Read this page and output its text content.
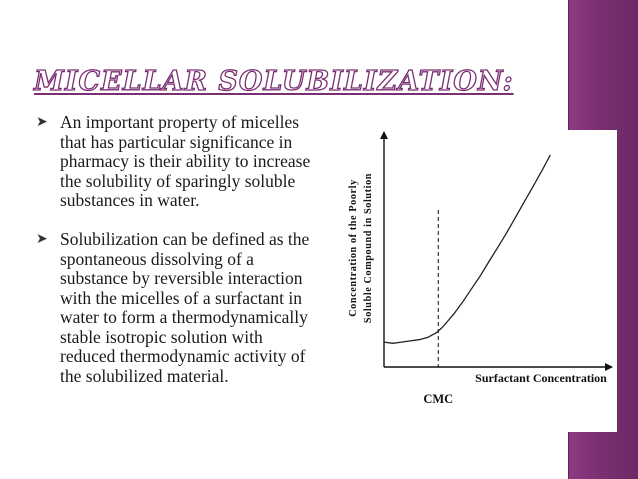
MICELLAR SOLUBILIZATION:
➤ An important property of micelles that has particular significance in pharmacy is their ability to increase the solubility of sparingly soluble substances in water.
➤ Solubilization can be defined as the spontaneous dissolving of a substance by reversible interaction with the micelles of a surfactant in water to form a thermodynamically stable isotropic solution with reduced thermodynamic activity of the solubilized material.
Concentration of the Poorly Soluble Compound in Solution
Surfactant Concentration
CMC
